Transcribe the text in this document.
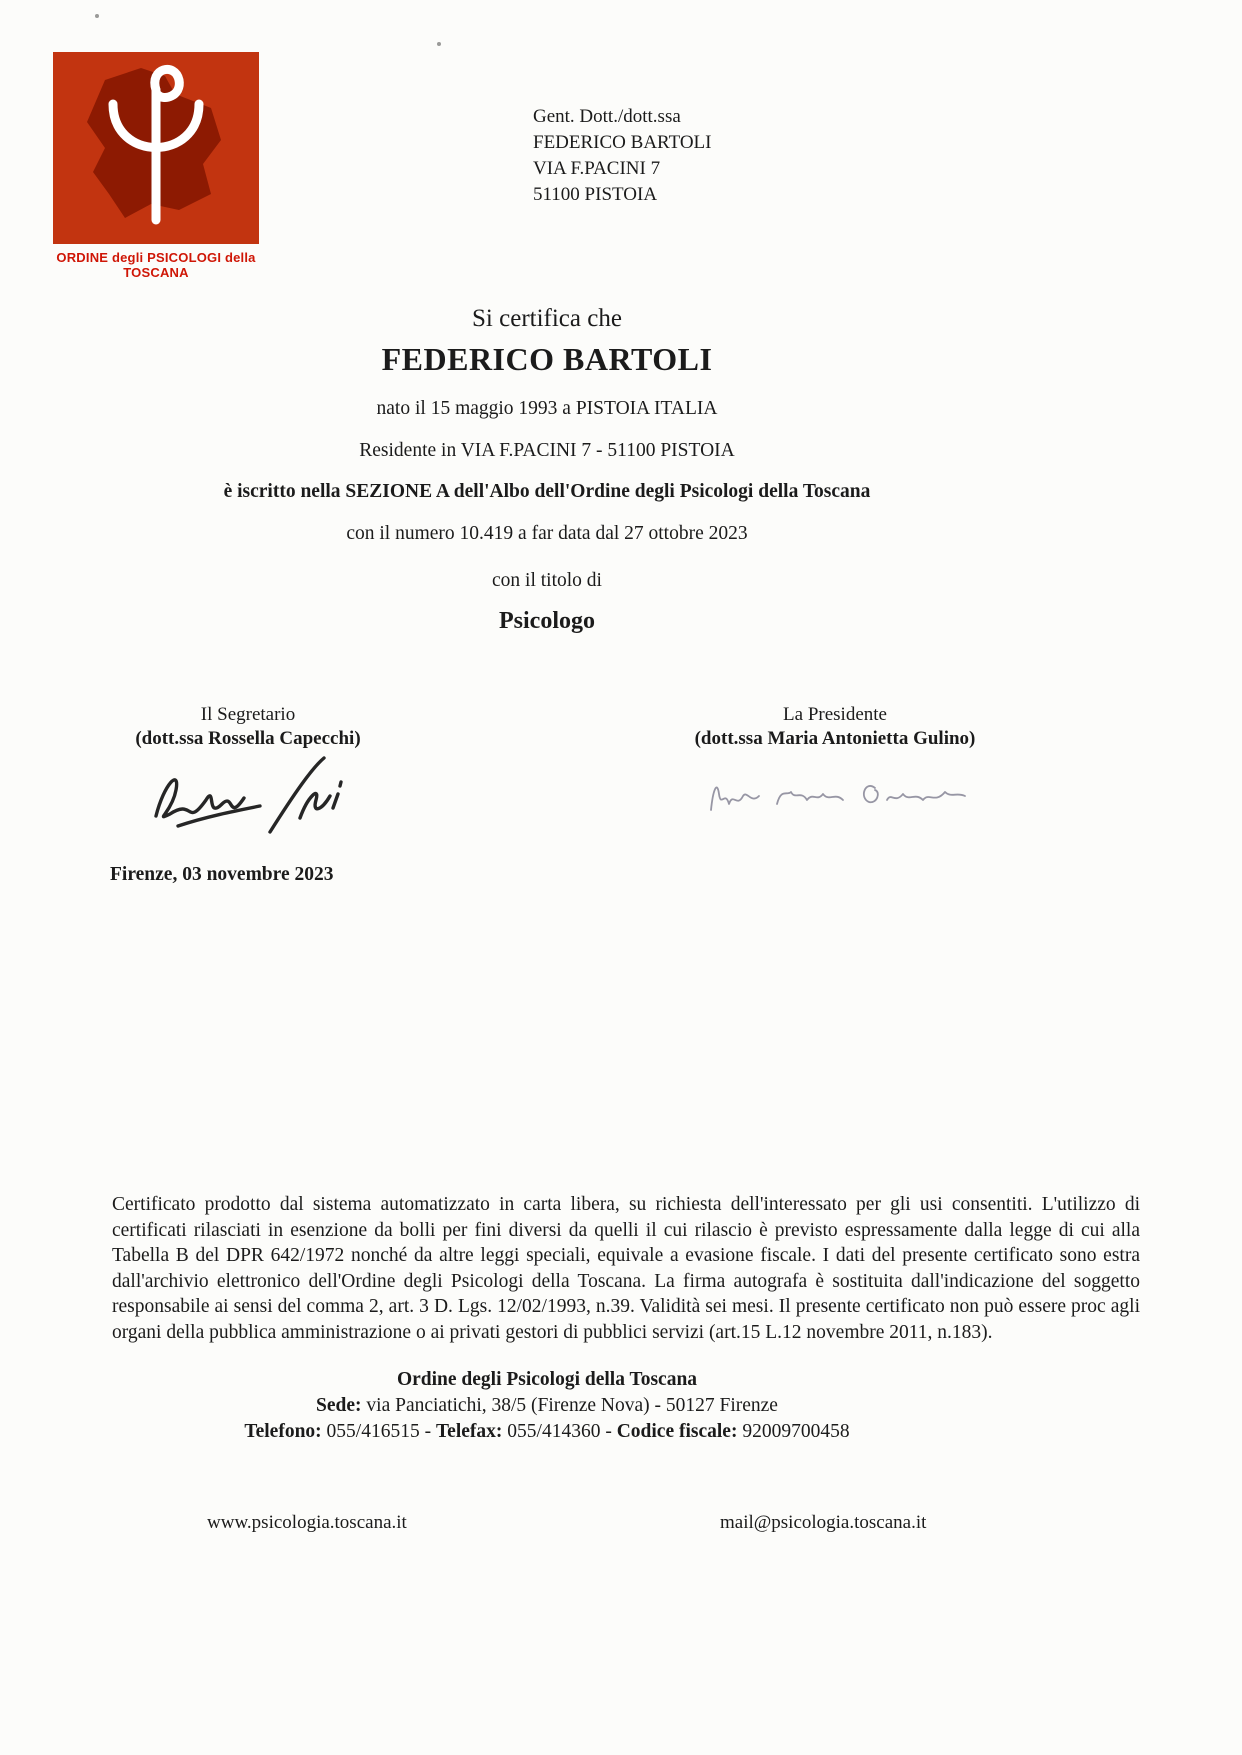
ORDINE degli PSICOLOGI della TOSCANA
Gent. Dott./dott.ssa
FEDERICO BARTOLI
VIA F.PACINI 7
51100 PISTOIA
Si certifica che
FEDERICO BARTOLI
nato il 15 maggio 1993 a PISTOIA ITALIA
Residente in VIA F.PACINI 7 - 51100 PISTOIA
è iscritto nella SEZIONE A dell'Albo dell'Ordine degli Psicologi della Toscana
con il numero 10.419 a far data dal 27 ottobre 2023
con il titolo di
Psicologo
Il Segretario
(dott.ssa Rossella Capecchi)
La Presidente
(dott.ssa Maria Antonietta Gulino)
Firenze, 03 novembre 2023
Certificato prodotto dal sistema automatizzato in carta libera, su richiesta dell'interessato per gli usi consentiti. L'utilizzo di certificati rilasciati in esenzione da bolli per fini diversi da quelli il cui rilascio è previsto espressamente dalla legge di cui alla Tabella B del DPR 642/1972 nonché da altre leggi speciali, equivale a evasione fiscale. I dati del presente certificato sono estra dall'archivio elettronico dell'Ordine degli Psicologi della Toscana. La firma autografa è sostituita dall'indicazione del soggetto responsabile ai sensi del comma 2, art. 3 D. Lgs. 12/02/1993, n.39. Validità sei mesi. Il presente certificato non può essere proc agli organi della pubblica amministrazione o ai privati gestori di pubblici servizi (art.15 L.12 novembre 2011, n.183).
Ordine degli Psicologi della Toscana
Sede: via Panciatichi, 38/5 (Firenze Nova) - 50127 Firenze
Telefono: 055/416515 - Telefax: 055/414360 - Codice fiscale: 92009700458
www.psicologia.toscana.it	mail@psicologia.toscana.it
